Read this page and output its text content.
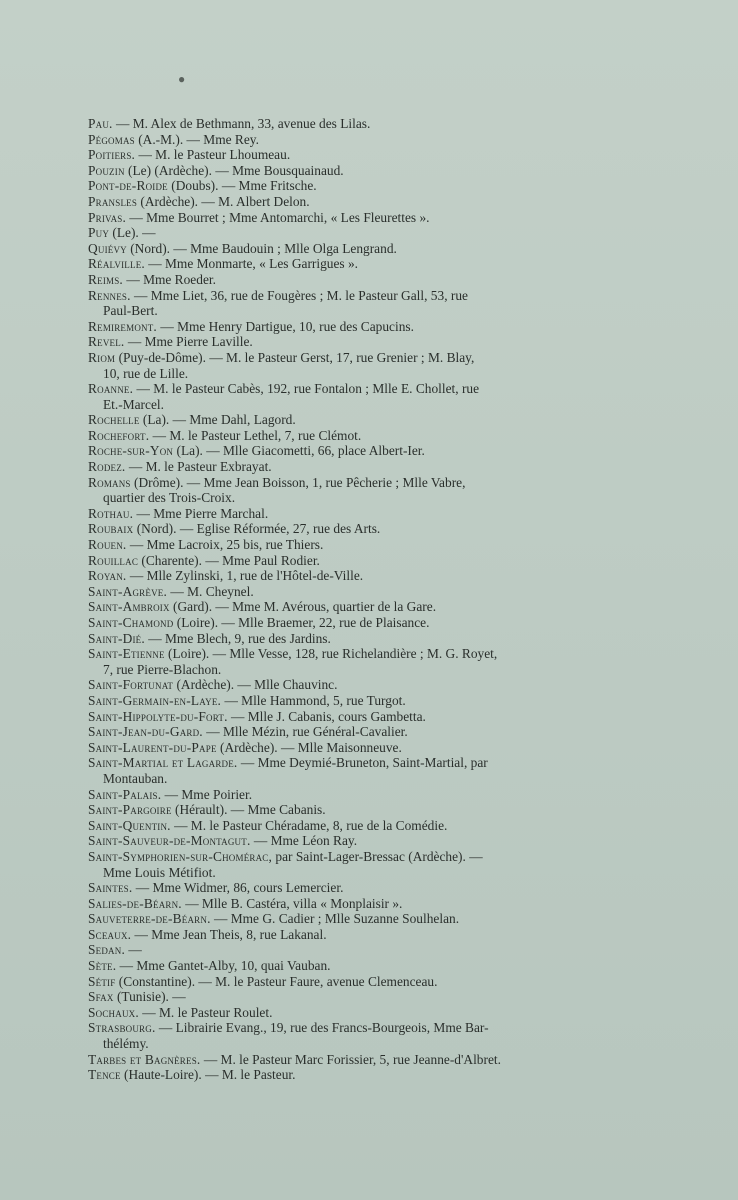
●
Pau. — M. Alex de Bethmann, 33, avenue des Lilas.
Pégomas (A.-M.). — Mme Rey.
Poitiers. — M. le Pasteur Lhoumeau.
Pouzin (Le) (Ardèche). — Mme Bousquainaud.
Pont-de-Roide (Doubs). — Mme Fritsche.
Pransles (Ardèche). — M. Albert Delon.
Privas. — Mme Bourret ; Mme Antomarchi, « Les Fleurettes ».
Puy (Le). —
Quiévy (Nord). — Mme Baudouin ; Mlle Olga Lengrand.
Réalville. — Mme Monmarte, « Les Garrigues ».
Reims. — Mme Roeder.
Rennes. — Mme Liet, 36, rue de Fougères ; M. le Pasteur Gall, 53, rue
Paul-Bert.
Remiremont. — Mme Henry Dartigue, 10, rue des Capucins.
Revel. — Mme Pierre Laville.
Riom (Puy-de-Dôme). — M. le Pasteur Gerst, 17, rue Grenier ; M. Blay,
10, rue de Lille.
Roanne. — M. le Pasteur Cabès, 192, rue Fontalon ; Mlle E. Chollet, rue
Et.-Marcel.
Rochelle (La). — Mme Dahl, Lagord.
Rochefort. — M. le Pasteur Lethel, 7, rue Clémot.
Roche-sur-Yon (La). — Mlle Giacometti, 66, place Albert-Ier.
Rodez. — M. le Pasteur Exbrayat.
Romans (Drôme). — Mme Jean Boisson, 1, rue Pêcherie ; Mlle Vabre,
quartier des Trois-Croix.
Rothau. — Mme Pierre Marchal.
Roubaix (Nord). — Eglise Réformée, 27, rue des Arts.
Rouen. — Mme Lacroix, 25 bis, rue Thiers.
Rouillac (Charente). — Mme Paul Rodier.
Royan. — Mlle Zylinski, 1, rue de l'Hôtel-de-Ville.
Saint-Agrève. — M. Cheynel.
Saint-Ambroix (Gard). — Mme M. Avérous, quartier de la Gare.
Saint-Chamond (Loire). — Mlle Braemer, 22, rue de Plaisance.
Saint-Dié. — Mme Blech, 9, rue des Jardins.
Saint-Etienne (Loire). — Mlle Vesse, 128, rue Richelandière ; M. G. Royet,
7, rue Pierre-Blachon.
Saint-Fortunat (Ardèche). — Mlle Chauvinc.
Saint-Germain-en-Laye. — Mlle Hammond, 5, rue Turgot.
Saint-Hippolyte-du-Fort. — Mlle J. Cabanis, cours Gambetta.
Saint-Jean-du-Gard. — Mlle Mézin, rue Général-Cavalier.
Saint-Laurent-du-Pape (Ardèche). — Mlle Maisonneuve.
Saint-Martial et Lagarde. — Mme Deymié-Bruneton, Saint-Martial, par
Montauban.
Saint-Palais. — Mme Poirier.
Saint-Pargoire (Hérault). — Mme Cabanis.
Saint-Quentin. — M. le Pasteur Chéradame, 8, rue de la Comédie.
Saint-Sauveur-de-Montagut. — Mme Léon Ray.
Saint-Symphorien-sur-Chomérac, par Saint-Lager-Bressac (Ardèche). —
Mme Louis Métifiot.
Saintes. — Mme Widmer, 86, cours Lemercier.
Salies-de-Béarn. — Mlle B. Castéra, villa « Monplaisir ».
Sauveterre-de-Béarn. — Mme G. Cadier ; Mlle Suzanne Soulhelan.
Sceaux. — Mme Jean Theis, 8, rue Lakanal.
Sedan. —
Sète. — Mme Gantet-Alby, 10, quai Vauban.
Sétif (Constantine). — M. le Pasteur Faure, avenue Clemenceau.
Sfax (Tunisie). —
Sochaux. — M. le Pasteur Roulet.
Strasbourg. — Librairie Evang., 19, rue des Francs-Bourgeois, Mme Bar-
thélémy.
Tarbes et Bagnères. — M. le Pasteur Marc Forissier, 5, rue Jeanne-d'Albret.
Tence (Haute-Loire). — M. le Pasteur.
